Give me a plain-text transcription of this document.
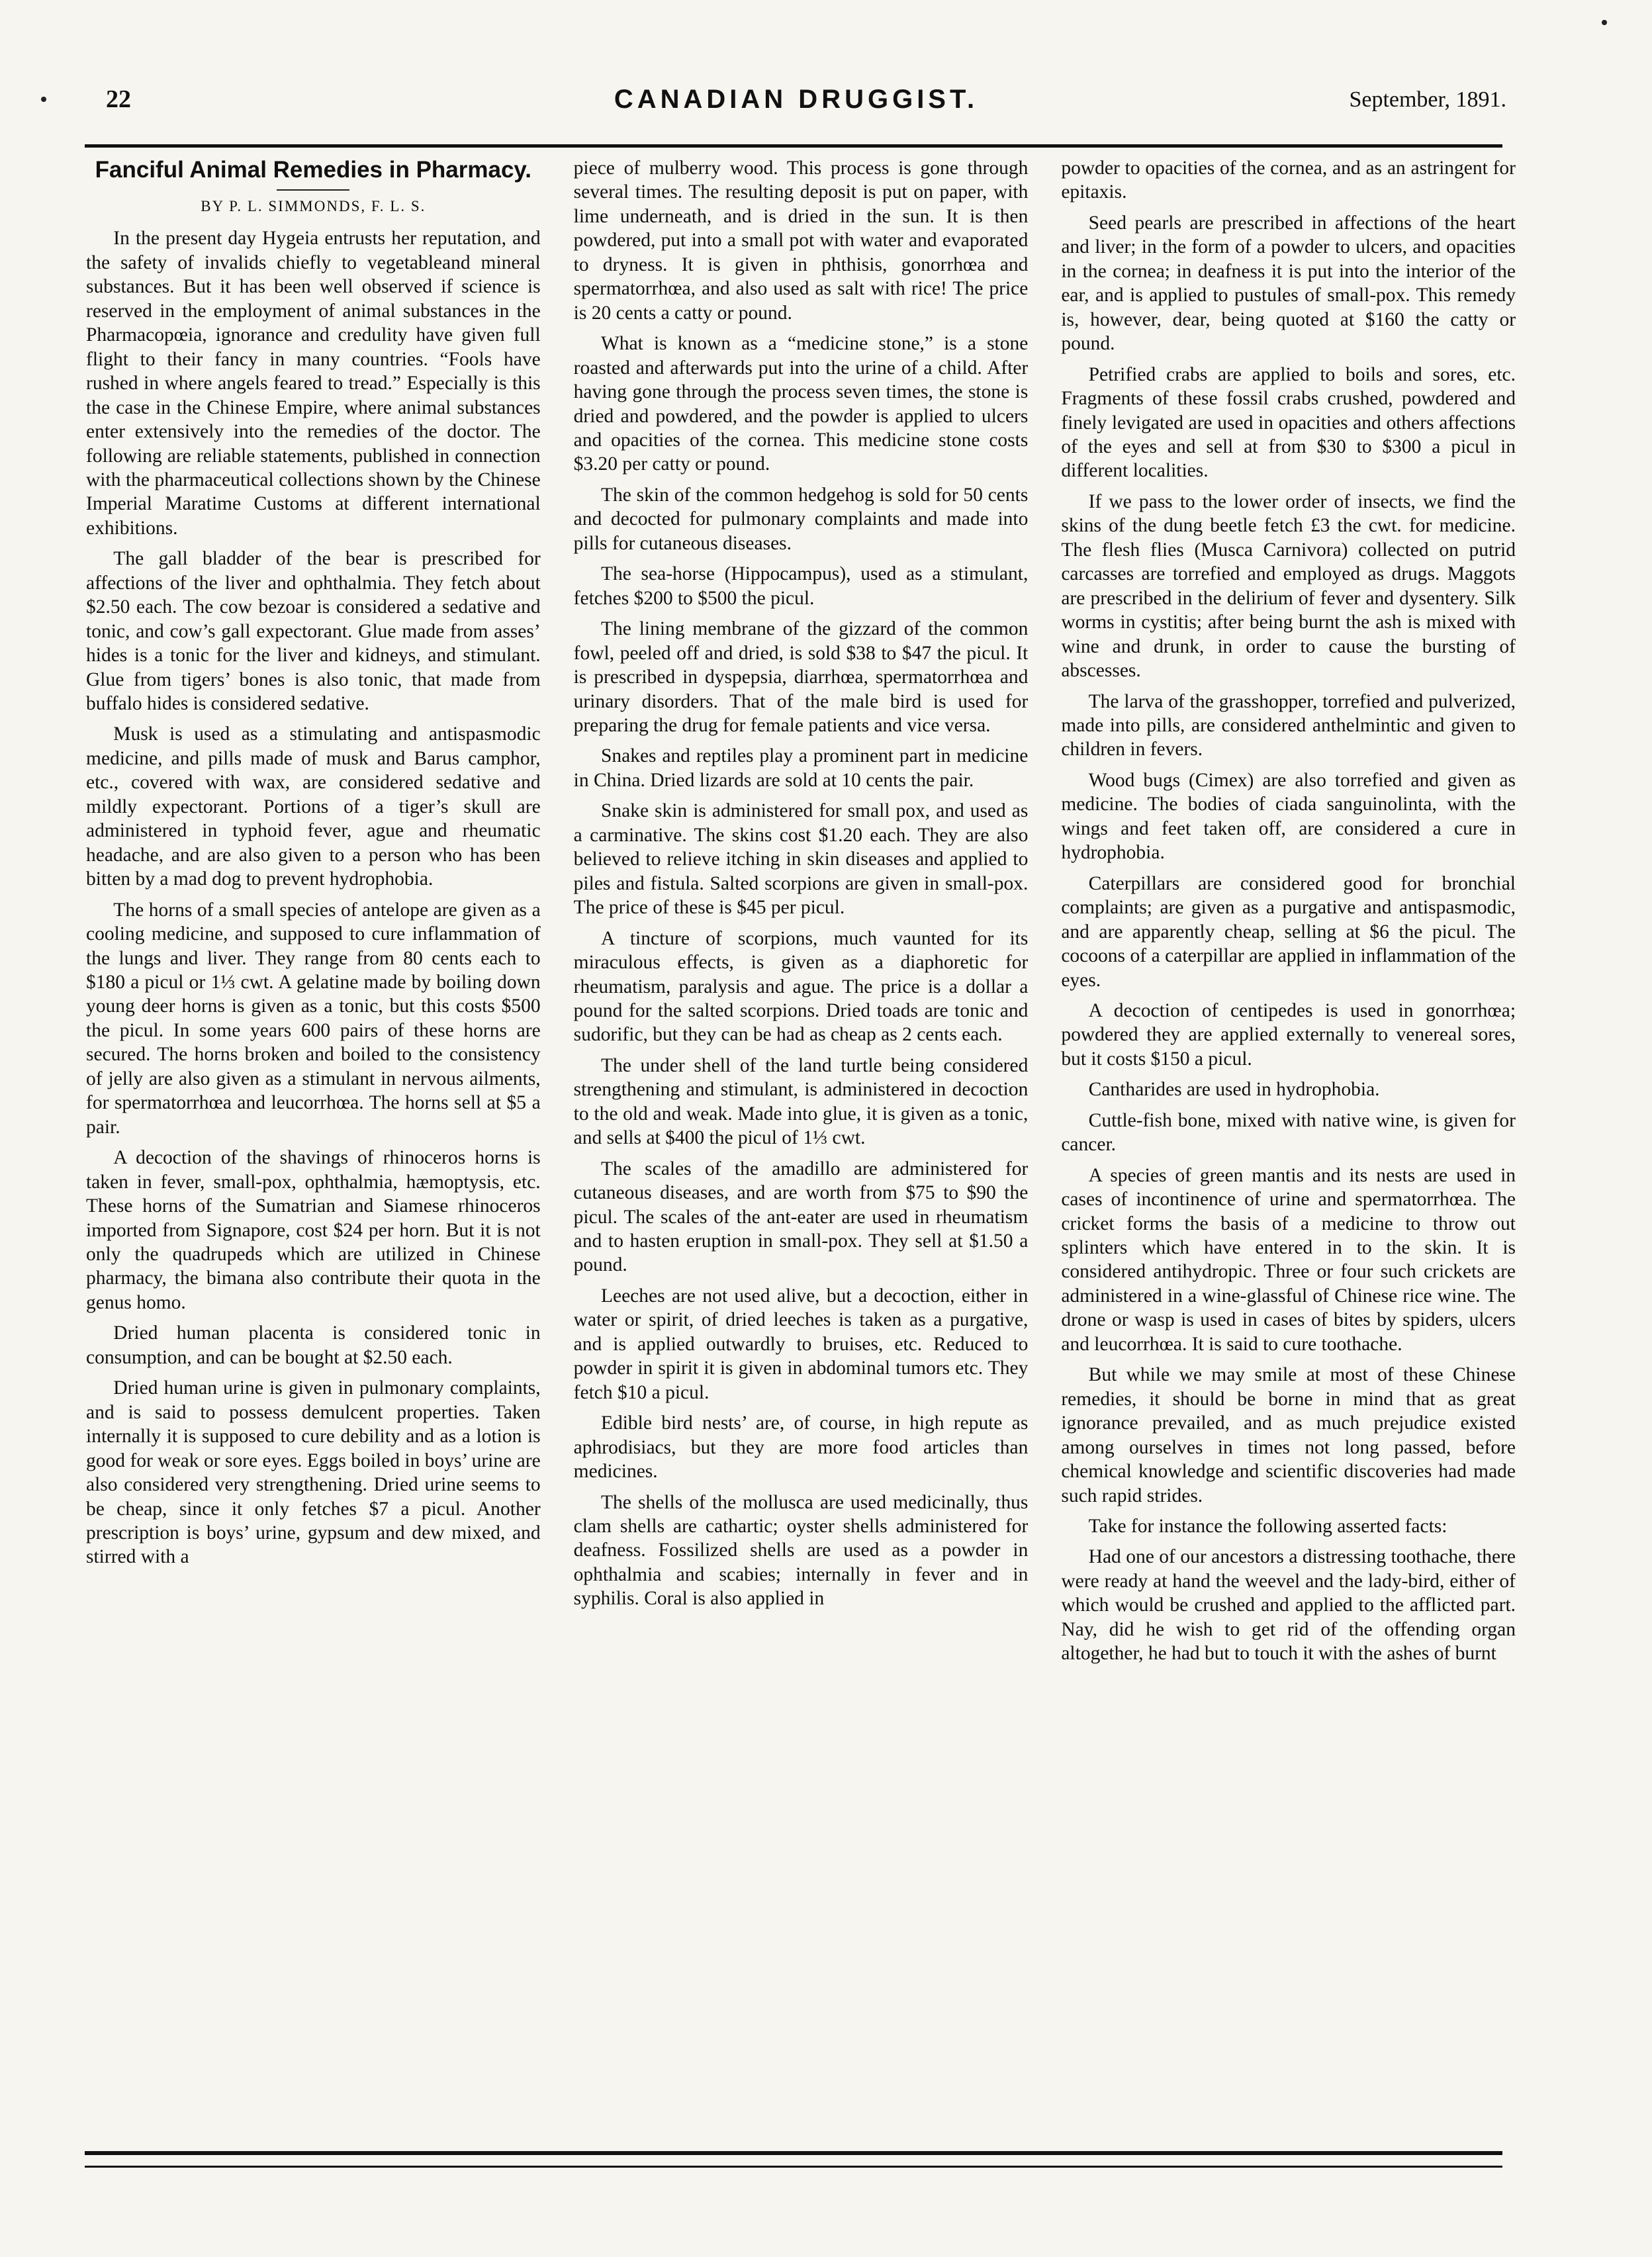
22	CANADIAN DRUGGIST.	September, 1891.
Fanciful Animal Remedies in Pharmacy.
BY P. L. SIMMONDS, F. L. S.

In the present day Hygeia entrusts her reputation, and the safety of invalids chiefly to vegetableand mineral substances. But it has been well observed if science is reserved in the employment of animal substances in the Pharmacopœia, ignorance and credulity have given full flight to their fancy in many countries. “Fools have rushed in where angels feared to tread.” Especially is this the case in the Chinese Empire, where animal substances enter extensively into the remedies of the doctor. The following are reliable statements, published in connection with the pharmaceutical collections shown by the Chinese Imperial Maratime Customs at different international exhibitions.

The gall bladder of the bear is prescribed for affections of the liver and ophthalmia. They fetch about $2.50 each. The cow bezoar is considered a sedative and tonic, and cow’s gall expectorant. Glue made from asses’ hides is a tonic for the liver and kidneys, and stimulant. Glue from tigers’ bones is also tonic, that made from buffalo hides is considered sedative.

Musk is used as a stimulating and antispasmodic medicine, and pills made of musk and Barus camphor, etc., covered with wax, are considered sedative and mildly expectorant. Portions of a tiger’s skull are administered in typhoid fever, ague and rheumatic headache, and are also given to a person who has been bitten by a mad dog to prevent hydrophobia.

The horns of a small species of antelope are given as a cooling medicine, and supposed to cure inflammation of the lungs and liver. They range from 80 cents each to $180 a picul or 1⅓ cwt. A gelatine made by boiling down young deer horns is given as a tonic, but this costs $500 the picul. In some years 600 pairs of these horns are secured. The horns broken and boiled to the consistency of jelly are also given as a stimulant in nervous ailments, for spermatorrhœa and leucorrhœa. The horns sell at $5 a pair.

A decoction of the shavings of rhinoceros horns is taken in fever, small-pox, ophthalmia, hæmoptysis, etc. These horns of the Sumatrian and Siamese rhinoceros imported from Signapore, cost $24 per horn. But it is not only the quadrupeds which are utilized in Chinese pharmacy, the bimana also contribute their quota in the genus homo.

Dried human placenta is considered tonic in consumption, and can be bought at $2.50 each.

Dried human urine is given in pulmonary complaints, and is said to possess demulcent properties. Taken internally it is supposed to cure debility and as a lotion is good for weak or sore eyes. Eggs boiled in boys’ urine are also considered very strengthening. Dried urine seems to be cheap, since it only fetches $7 a picul. Another prescription is boys’ urine, gypsum and dew mixed, and stirred with a

piece of mulberry wood. This process is gone through several times. The resulting deposit is put on paper, with lime underneath, and is dried in the sun. It is then powdered, put into a small pot with water and evaporated to dryness. It is given in phthisis, gonorrhœa and spermatorrhœa, and also used as salt with rice! The price is 20 cents a catty or pound.

What is known as a “medicine stone,” is a stone roasted and afterwards put into the urine of a child. After having gone through the process seven times, the stone is dried and powdered, and the powder is applied to ulcers and opacities of the cornea. This medicine stone costs $3.20 per catty or pound.

The skin of the common hedgehog is sold for 50 cents and decocted for pulmonary complaints and made into pills for cutaneous diseases.

The sea-horse (Hippocampus), used as a stimulant, fetches $200 to $500 the picul.

The lining membrane of the gizzard of the common fowl, peeled off and dried, is sold $38 to $47 the picul. It is prescribed in dyspepsia, diarrhœa, spermatorrhœa and urinary disorders. That of the male bird is used for preparing the drug for female patients and vice versa.

Snakes and reptiles play a prominent part in medicine in China. Dried lizards are sold at 10 cents the pair.

Snake skin is administered for small pox, and used as a carminative. The skins cost $1.20 each. They are also believed to relieve itching in skin diseases and applied to piles and fistula. Salted scorpions are given in small-pox. The price of these is $45 per picul.

A tincture of scorpions, much vaunted for its miraculous effects, is given as a diaphoretic for rheumatism, paralysis and ague. The price is a dollar a pound for the salted scorpions. Dried toads are tonic and sudorific, but they can be had as cheap as 2 cents each.

The under shell of the land turtle being considered strengthening and stimulant, is administered in decoction to the old and weak. Made into glue, it is given as a tonic, and sells at $400 the picul of 1⅓ cwt.

The scales of the amadillo are administered for cutaneous diseases, and are worth from $75 to $90 the picul. The scales of the ant-eater are used in rheumatism and to hasten eruption in small-pox. They sell at $1.50 a pound.

Leeches are not used alive, but a decoction, either in water or spirit, of dried leeches is taken as a purgative, and is applied outwardly to bruises, etc. Reduced to powder in spirit it is given in abdominal tumors etc. They fetch $10 a picul.

Edible bird nests’ are, of course, in high repute as aphrodisiacs, but they are more food articles than medicines.

The shells of the mollusca are used medicinally, thus clam shells are cathartic; oyster shells administered for deafness. Fossilized shells are used as a powder in ophthalmia and scabies; internally in fever and in syphilis. Coral is also applied in

powder to opacities of the cornea, and as an astringent for epitaxis.

Seed pearls are prescribed in affections of the heart and liver; in the form of a powder to ulcers, and opacities in the cornea; in deafness it is put into the interior of the ear, and is applied to pustules of small-pox. This remedy is, however, dear, being quoted at $160 the catty or pound.

Petrified crabs are applied to boils and sores, etc. Fragments of these fossil crabs crushed, powdered and finely levigated are used in opacities and others affections of the eyes and sell at from $30 to $300 a picul in different localities.

If we pass to the lower order of insects, we find the skins of the dung beetle fetch £3 the cwt. for medicine. The flesh flies (Musca Carnivora) collected on putrid carcasses are torrefied and employed as drugs. Maggots are prescribed in the delirium of fever and dysentery. Silk worms in cystitis; after being burnt the ash is mixed with wine and drunk, in order to cause the bursting of abscesses.

The larva of the grasshopper, torrefied and pulverized, made into pills, are considered anthelmintic and given to children in fevers.

Wood bugs (Cimex) are also torrefied and given as medicine. The bodies of ciada sanguinolinta, with the wings and feet taken off, are considered a cure in hydrophobia.

Caterpillars are considered good for bronchial complaints; are given as a purgative and antispasmodic, and are apparently cheap, selling at $6 the picul. The cocoons of a caterpillar are applied in inflammation of the eyes.

A decoction of centipedes is used in gonorrhœa; powdered they are applied externally to venereal sores, but it costs $150 a picul.

Cantharides are used in hydrophobia.

Cuttle-fish bone, mixed with native wine, is given for cancer.

A species of green mantis and its nests are used in cases of incontinence of urine and spermatorrhœa. The cricket forms the basis of a medicine to throw out splinters which have entered in to the skin. It is considered antihydropic. Three or four such crickets are administered in a wine-glassful of Chinese rice wine. The drone or wasp is used in cases of bites by spiders, ulcers and leucorrhœa. It is said to cure toothache.

But while we may smile at most of these Chinese remedies, it should be borne in mind that as great ignorance prevailed, and as much prejudice existed among ourselves in times not long passed, before chemical knowledge and scientific discoveries had made such rapid strides.

Take for instance the following asserted facts:

Had one of our ancestors a distressing toothache, there were ready at hand the weevel and the lady-bird, either of which would be crushed and applied to the afflicted part. Nay, did he wish to get rid of the offending organ altogether, he had but to touch it with the ashes of burnt
